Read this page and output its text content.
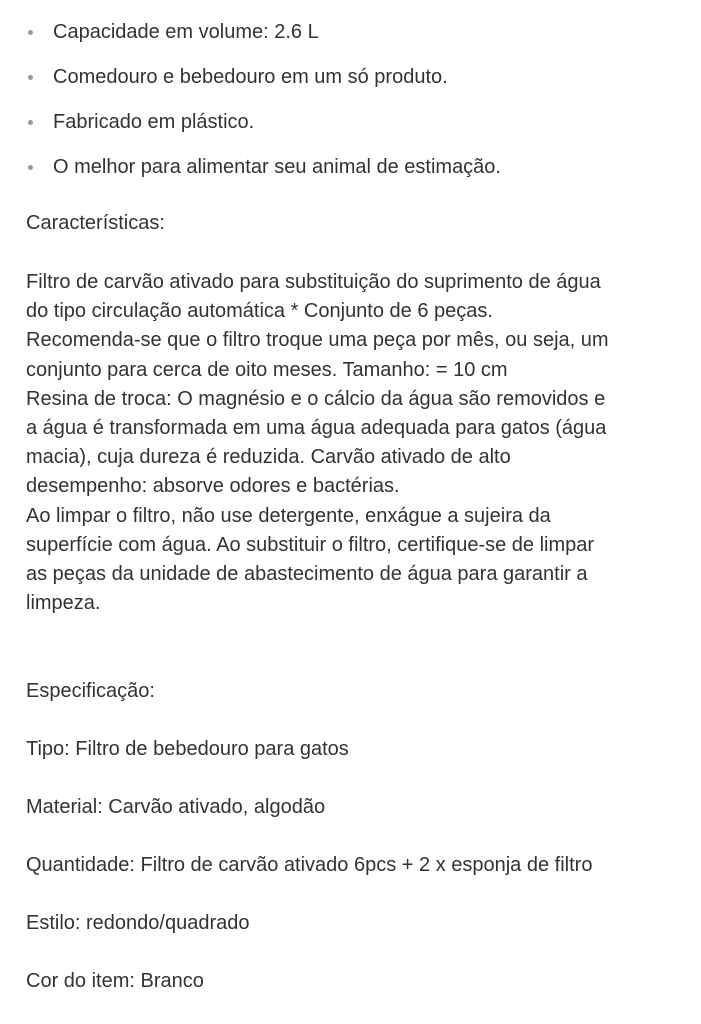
Capacidade em volume: 2.6 L
Comedouro e bebedouro em um só produto.
Fabricado em plástico.
O melhor para alimentar seu animal de estimação.

Características:

Filtro de carvão ativado para substituição do suprimento de água
do tipo circulação automática * Conjunto de 6 peças.
Recomenda-se que o filtro troque uma peça por mês, ou seja, um
conjunto para cerca de oito meses. Tamanho: = 10 cm
Resina de troca: O magnésio e o cálcio da água são removidos e
a água é transformada em uma água adequada para gatos (água
macia), cuja dureza é reduzida. Carvão ativado de alto
desempenho: absorve odores e bactérias.
Ao limpar o filtro, não use detergente, enxágue a sujeira da
superfície com água. Ao substituir o filtro, certifique-se de limpar
as peças da unidade de abastecimento de água para garantir a
limpeza.

Especificação:

Tipo: Filtro de bebedouro para gatos

Material: Carvão ativado, algodão

Quantidade: Filtro de carvão ativado 6pcs + 2 x esponja de filtro

Estilo: redondo/quadrado

Cor do item: Branco
